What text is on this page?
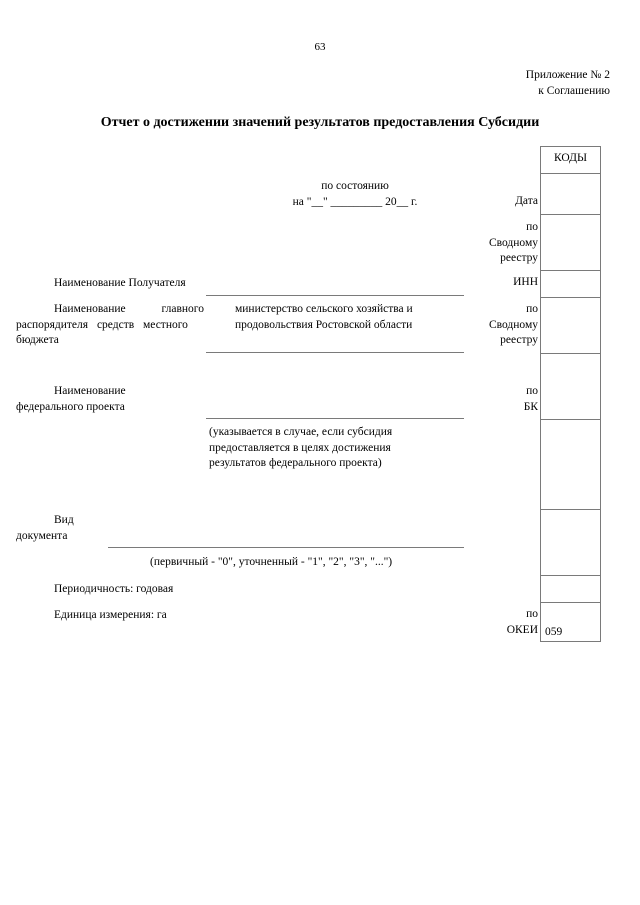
63
Приложение № 2
к Соглашению
Отчет о достижении значений результатов предоставления Субсидии
по состоянию
на "__" _________ 20__ г.
КОДЫ
Дата
по
Сводному
реестру
ИНН
по
Сводному
реестру
по
БК
по
ОКЕИ 059
Наименование Получателя
Наименование	главного
распорядителя средств местного
бюджета
министерство сельского хозяйства и
продовольствия Ростовской области
Наименование
федерального проекта
(указывается в случае, если субсидия
предоставляется в целях достижения
результатов федерального проекта)
Вид
документа
(первичный - "0", уточненный - "1", "2", "3", "...")
Периодичность: годовая
Единица измерения: га
